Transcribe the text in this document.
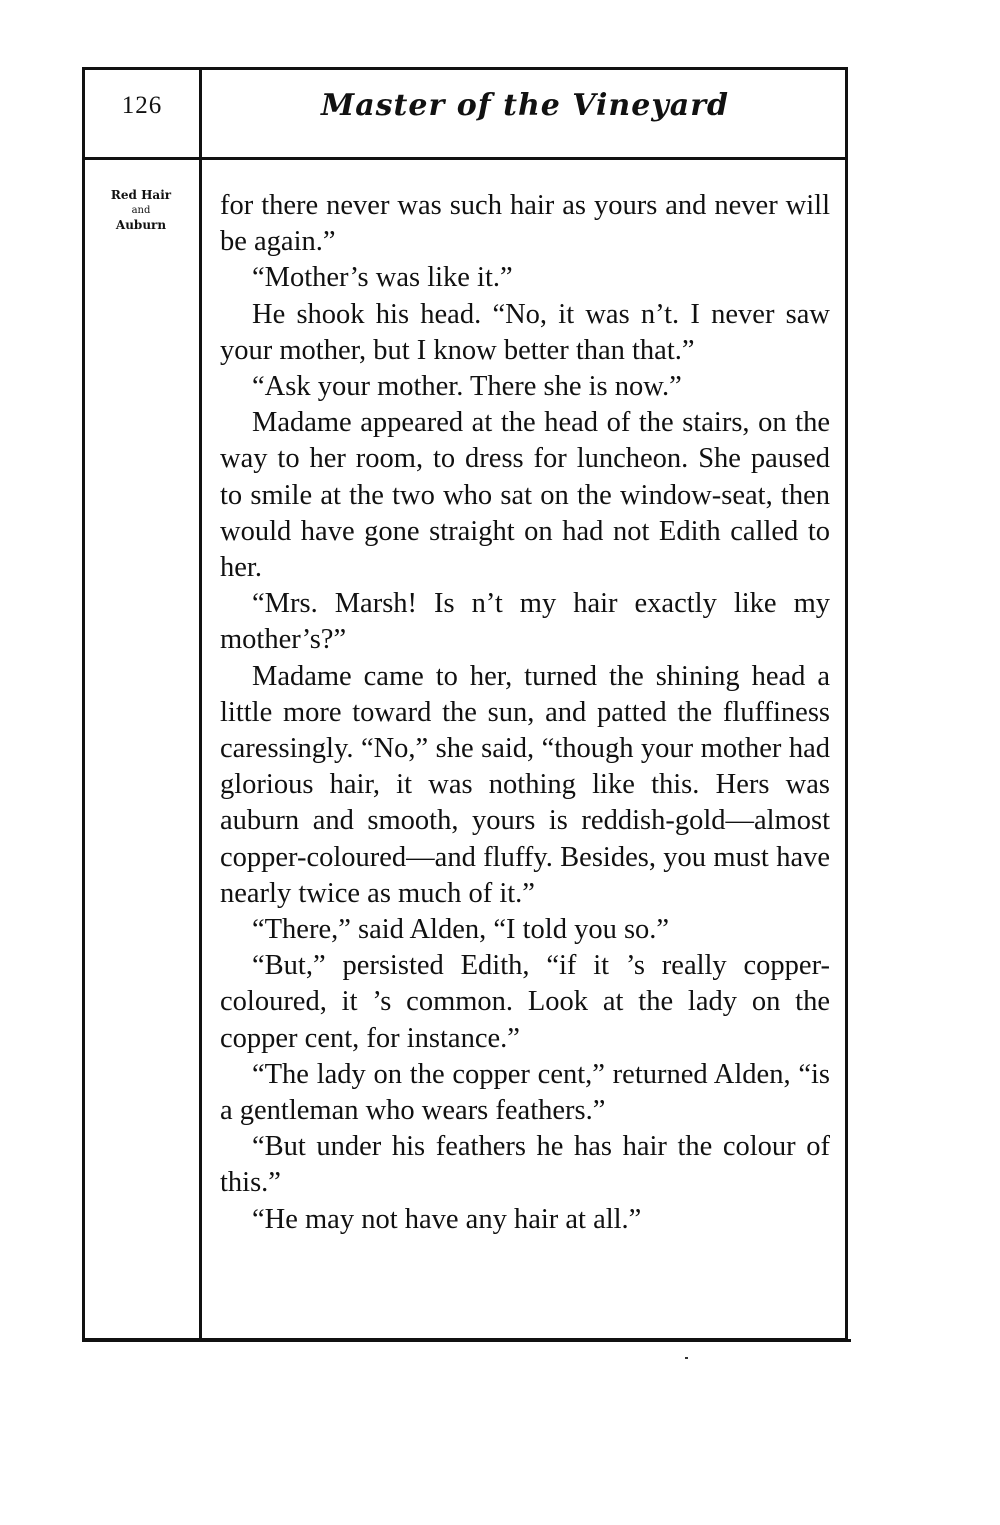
126	Master of the Vineyard
Red Hair
and
Auburn

for there never was such hair as yours and never will be again.”

“Mother’s was like it.”

He shook his head. “No, it was n’t. I never saw your mother, but I know better than that.”

“Ask your mother. There she is now.”

Madame appeared at the head of the stairs, on the way to her room, to dress for luncheon. She paused to smile at the two who sat on the window-seat, then would have gone straight on had not Edith called to her.

“Mrs. Marsh! Is n’t my hair exactly like my mother’s?”

Madame came to her, turned the shining head a little more toward the sun, and patted the fluffiness caressingly. “No,” she said, “though your mother had glorious hair, it was nothing like this. Hers was auburn and smooth, yours is reddish-gold—almost copper-coloured—and fluffy. Besides, you must have nearly twice as much of it.”

“There,” said Alden, “I told you so.”

“But,” persisted Edith, “if it ’s really copper-coloured, it ’s common. Look at the lady on the copper cent, for instance.”

“The lady on the copper cent,” returned Alden, “is a gentleman who wears feathers.”

“But under his feathers he has hair the colour of this.”

“He may not have any hair at all.”
